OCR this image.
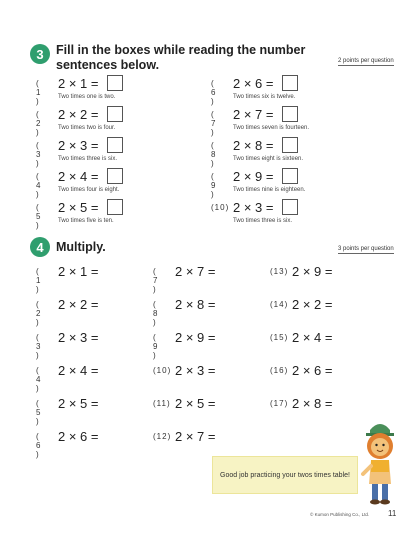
3 Fill in the boxes while reading the number
sentences below.	2 points per question
( 1 )
2 × 1 =
Two times one is two.
( 2 )
2 × 2 =
Two times two is four.
( 3 )
2 × 3 =
Two times three is six.
( 4 )
2 × 4 =
Two times four is eight.
( 5 )
2 × 5 =
Two times five is ten.
( 6 )
2 × 6 =
Two times six is twelve.
( 7 )
2 × 7 =
Two times seven is fourteen.
( 8 )
2 × 8 =
Two times eight is sixteen.
( 9 )
2 × 9 =
Two times nine is eighteen.
(10) 2 × 3 =
Two times three is six.
4 Multiply.	3 points per question
( 1 )
2 × 1 =
( 2 )
2 × 2 =
( 3 )
2 × 3 =
( 4 )
2 × 4 =
( 5 )
2 × 5 =
( 6 )
2 × 6 =
( 7 )
2 × 7 =
( 8 )
2 × 8 =
( 9 )
2 × 9 =
(10) 2 × 3 =
(11) 2 × 5 =
(12) 2 × 7 =
(13) 2 × 9 =
(14) 2 × 2 =
(15) 2 × 4 =
(16) 2 × 6 =
(17) 2 × 8 =
Good job practicing your twos times table!
© Kumon Publishing Co., Ltd. 11
